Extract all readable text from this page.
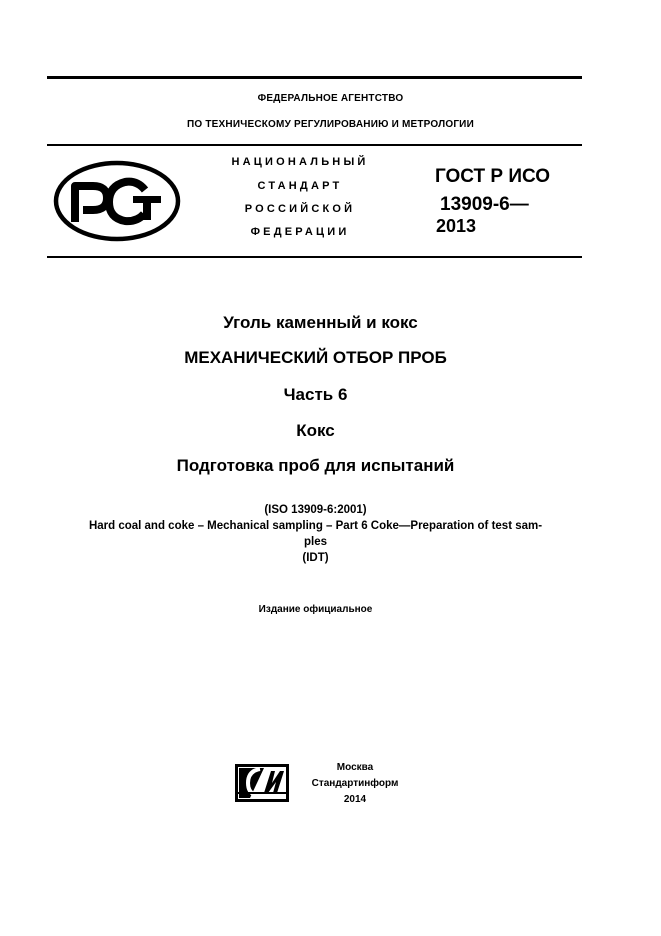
ФЕДЕРАЛЬНОЕ АГЕНТСТВО
ПО ТЕХНИЧЕСКОМУ РЕГУЛИРОВАНИЮ И МЕТРОЛОГИИ
НАЦИОНАЛЬНЫЙ
СТАНДАРТ
РОССИЙСКОЙ
ФЕДЕРАЦИИ
ГОСТ Р ИСО
13909-6—
2013
Уголь каменный и кокс
МЕХАНИЧЕСКИЙ ОТБОР ПРОБ
Часть 6
Кокс
Подготовка проб для испытаний
(ISO 13909-6:2001)
Hard coal and coke – Mechanical sampling – Part 6 Coke—Preparation of test sam-
ples
(IDT)
Издание официальное
Москва
Стандартинформ
2014
